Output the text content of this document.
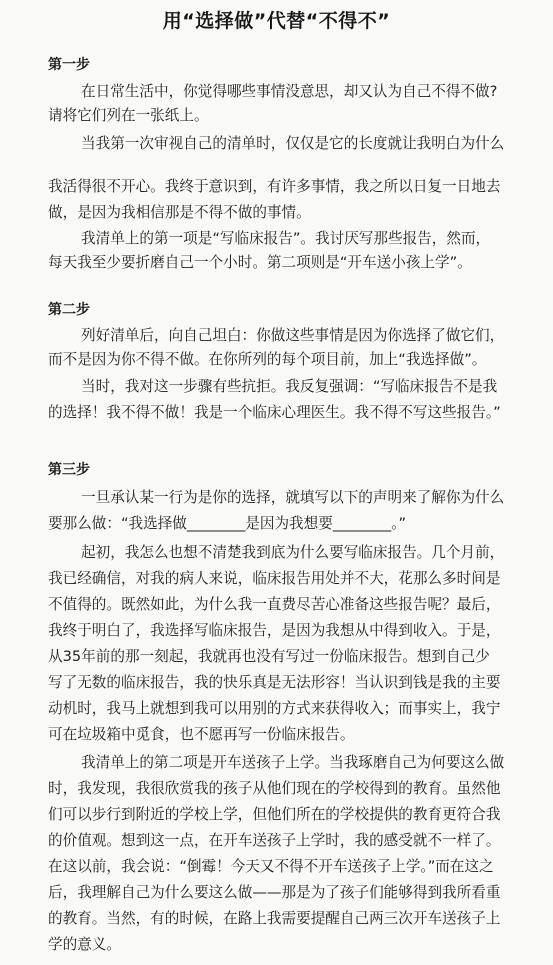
用“选择做”代替“不得不”
第一步
在日常生活中，你觉得哪些事情没意思，却又认为自己不得不做?
请将它们列在一张纸上。
当我第一次审视自己的清单时，仅仅是它的长度就让我明白为什么
我活得很不开心。我终于意识到，有许多事情，我之所以日复一日地去
做，是因为我相信那是不得不做的事情。
我清单上的第一项是“写临床报告”。我讨厌写那些报告，然而，
每天我至少要折磨自己一个小时。第二项则是“开车送小孩上学”。
第二步
列好清单后，向自己坦白：你做这些事情是因为你选择了做它们，
而不是因为你不得不做。在你所列的每个项目前，加上“我选择做”。
当时，我对这一步骤有些抗拒。我反复强调：“写临床报告不是我
的选择！我不得不做！我是一个临床心理医生。我不得不写这些报告。”
第三步
一旦承认某一行为是你的选择，就填写以下的声明来了解你为什么
要那么做：“我选择做________是因为我想要________。”
起初，我怎么也想不清楚我到底为什么要写临床报告。几个月前，
我已经确信，对我的病人来说，临床报告用处并不大，花那么多时间是
不值得的。既然如此，为什么我一直费尽苦心准备这些报告呢？最后，
我终于明白了，我选择写临床报告，是因为我想从中得到收入。于是，
从35年前的那一刻起，我就再也没有写过一份临床报告。想到自己少
写了无数的临床报告，我的快乐真是无法形容！当认识到钱是我的主要
动机时，我马上就想到我可以用别的方式来获得收入；而事实上，我宁
可在垃圾箱中觅食，也不愿再写一份临床报告。
我清单上的第二项是开车送孩子上学。当我琢磨自己为何要这么做
时，我发现，我很欣赏我的孩子从他们现在的学校得到的教育。虽然他
们可以步行到附近的学校上学，但他们所在的学校提供的教育更符合我
的价值观。想到这一点，在开车送孩子上学时，我的感受就不一样了。
在这以前，我会说：“倒霉！今天又不得不开车送孩子上学。”而在这之
后，我理解自己为什么要这么做——那是为了孩子们能够得到我所看重
的教育。当然，有的时候，在路上我需要提醒自己两三次开车送孩子上
学的意义。
